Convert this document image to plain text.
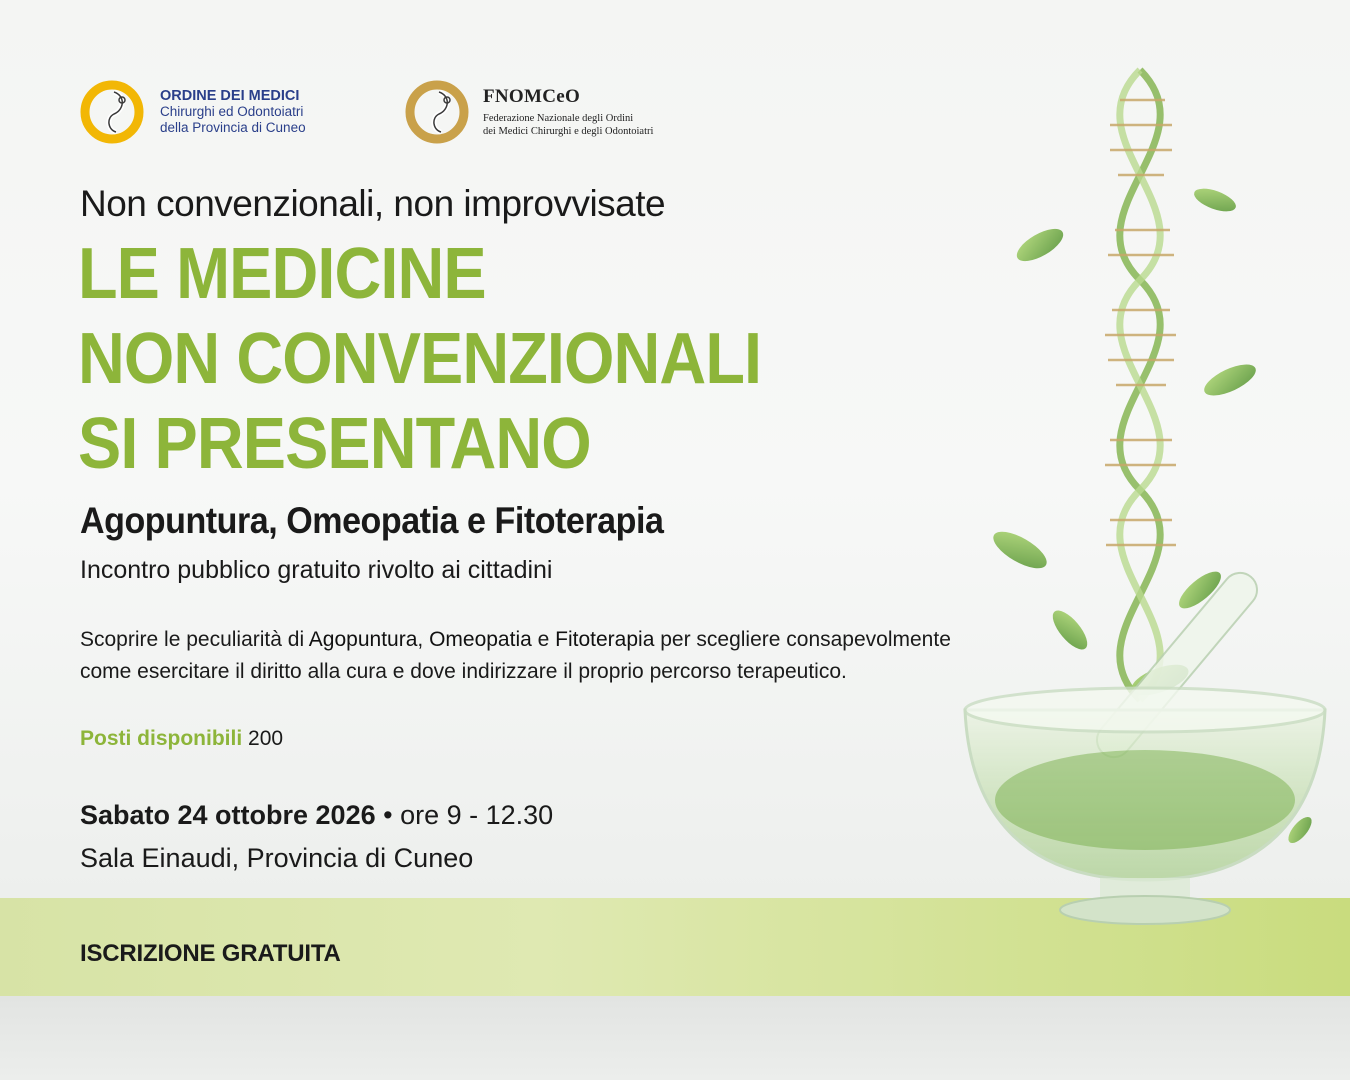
ORDINE DEI MEDICI
Chirurghi ed Odontoiatri
della Provincia di Cuneo
FNOMCeO
Federazione Nazionale degli Ordini
dei Medici Chirurghi e degli Odontoiatri
Non convenzionali, non improvvisate
LE MEDICINE
NON CONVENZIONALI
SI PRESENTANO
Agopuntura, Omeopatia e Fitoterapia
Incontro pubblico gratuito rivolto ai cittadini
Scoprire le peculiarità di Agopuntura, Omeopatia e Fitoterapia per scegliere consapevolmente come esercitare il diritto alla cura e dove indirizzare il proprio percorso terapeutico.
Posti disponibili 200
Sabato 24 ottobre 2026 • ore 9 - 12.30
Sala Einaudi, Provincia di Cuneo
ISCRIZIONE GRATUITA
